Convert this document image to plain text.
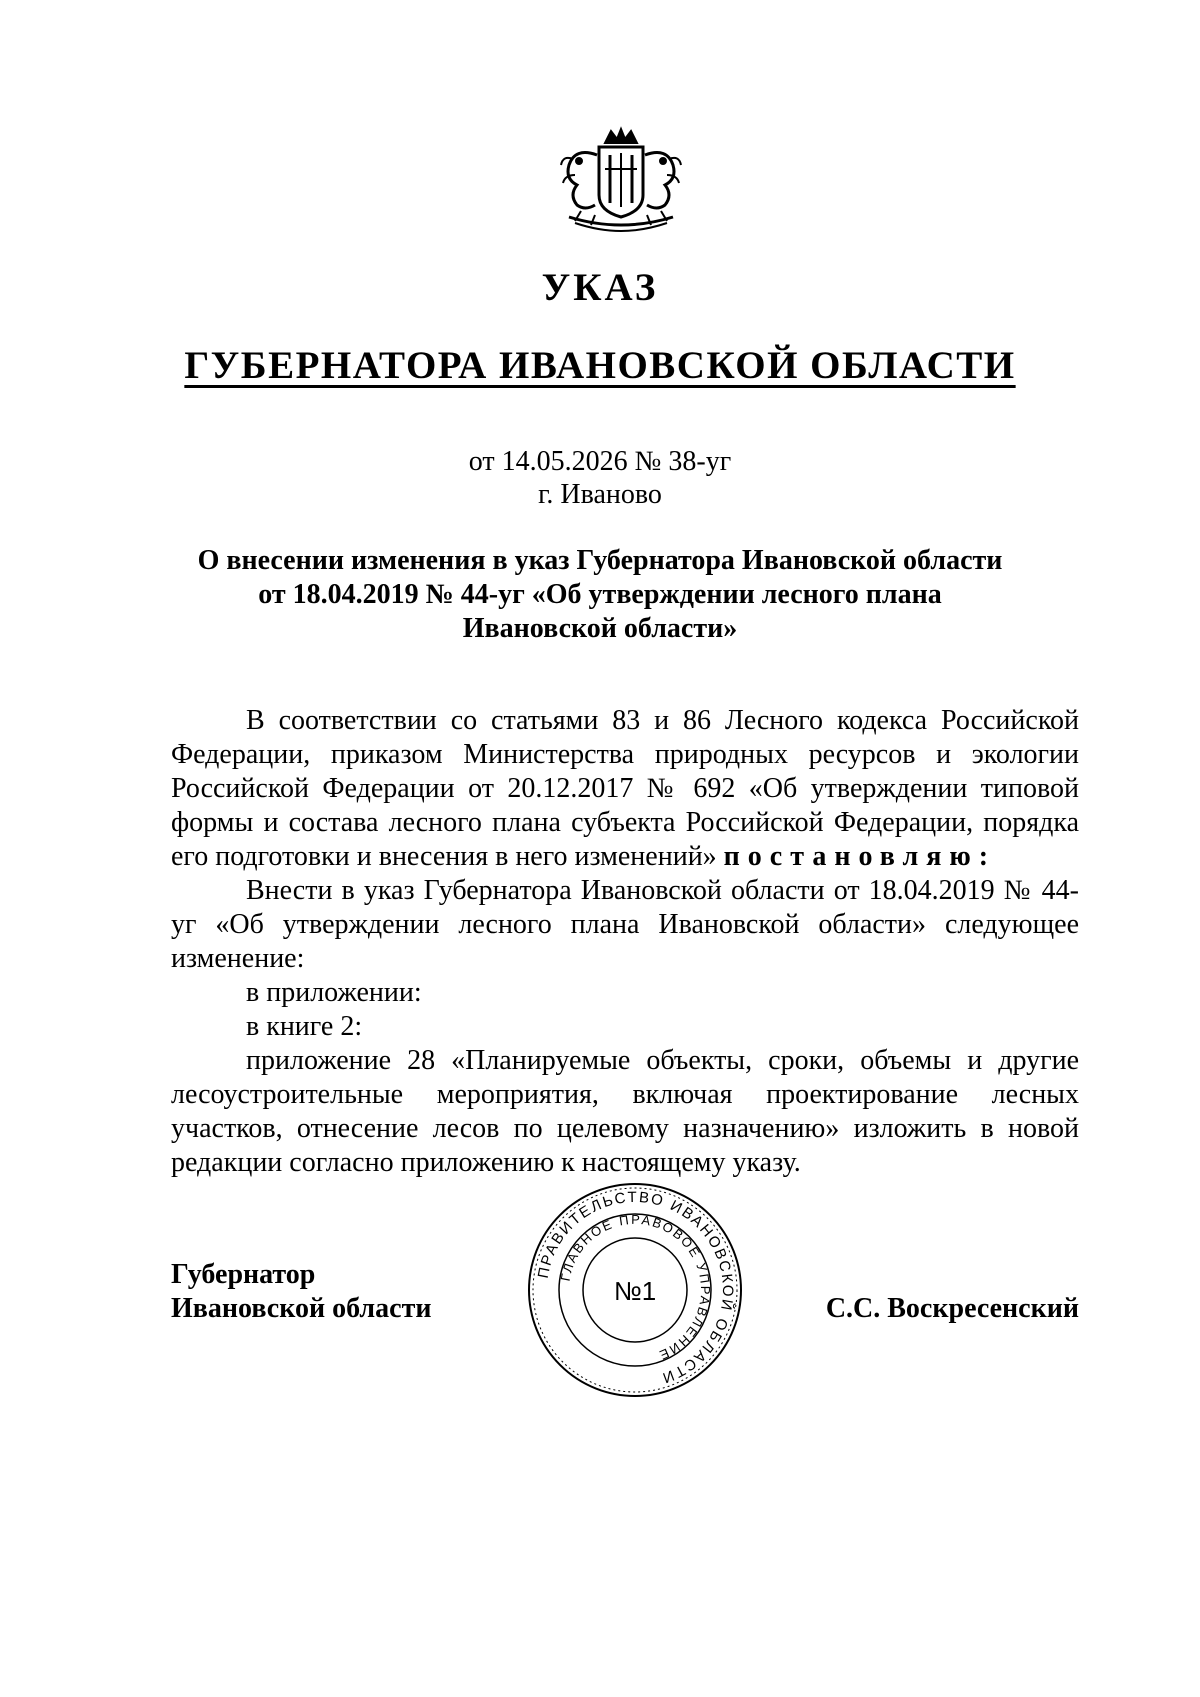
УКАЗ
ГУБЕРНАТОРА ИВАНОВСКОЙ ОБЛАСТИ
от 14.05.2026 № 38-уг
г. Иваново
О внесении изменения в указ Губернатора Ивановской области
от 18.04.2019 № 44-уг «Об утверждении лесного плана
Ивановской области»

В соответствии со статьями 83 и 86 Лесного кодекса Российской Федерации, приказом Министерства природных ресурсов и экологии Российской Федерации от 20.12.2017 № 692 «Об утверждении типовой формы и состава лесного плана субъекта Российской Федерации, порядка его подготовки и внесения в него изменений» постановляю:

Внести в указ Губернатора Ивановской области от 18.04.2019 № 44-уг «Об утверждении лесного плана Ивановской области» следующее изменение:

в приложении:

в книге 2:

приложение 28 «Планируемые объекты, сроки, объемы и другие лесоустроительные мероприятия, включая проектирование лесных участков, отнесение лесов по целевому назначению» изложить в новой редакции согласно приложению к настоящему указу.

Губернатор
Ивановской области
ПРАВИТЕЛЬСТВО ИВАНОВСКОЙ ОБЛАСТИ
ГЛАВНОЕ ПРАВОВОЕ УПРАВЛЕНИЕ
№1
С.С. Воскресенский
